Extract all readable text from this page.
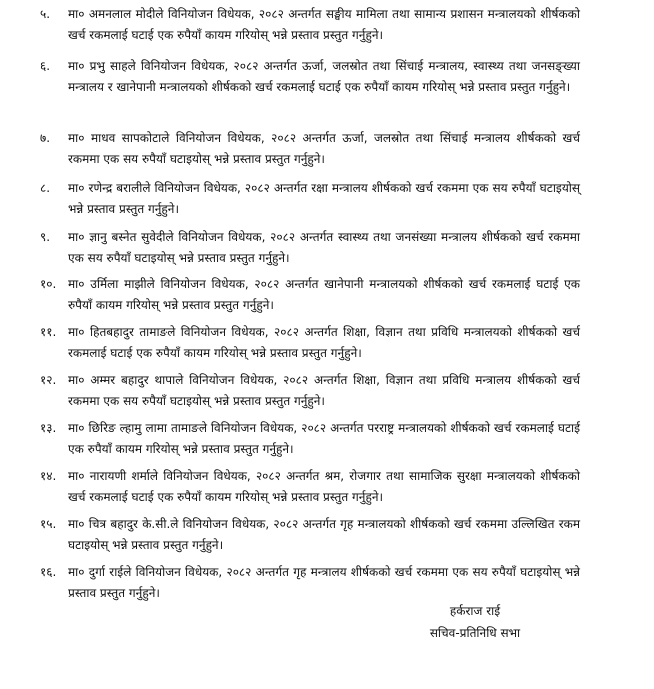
५.	मा० अमनलाल मोदीले विनियोजन विधेयक, २०८२ अन्तर्गत सङ्घीय मामिला तथा सामान्य प्रशासन मन्त्रालयको शीर्षकको खर्च रकमलाई घटाई एक रुपैयाँ कायम गरियोस् भन्ने प्रस्ताव प्रस्तुत गर्नुहुने।
६.	मा० प्रभु साहले विनियोजन विधेयक, २०८२ अन्तर्गत ऊर्जा, जलस्रोत तथा सिंचाई मन्त्रालय, स्वास्थ्य तथा जनसङ्ख्या मन्त्रालय र खानेपानी मन्त्रालयको शीर्षकको खर्च रकमलाई घटाई एक रुपैयाँ कायम गरियोस् भन्ने प्रस्ताव प्रस्तुत गर्नुहुने।
७.	मा० माधव सापकोटाले विनियोजन विधेयक, २०८२ अन्तर्गत ऊर्जा, जलस्रोत तथा सिंचाई मन्त्रालय शीर्षकको खर्च रकममा एक सय रुपैयाँ घटाइयोस् भन्ने प्रस्ताव प्रस्तुत गर्नुहुने।
८.	मा० रणेन्द्र बरालीले विनियोजन विधेयक, २०८२ अन्तर्गत रक्षा मन्त्रालय शीर्षकको खर्च रकममा एक सय रुपैयाँ घटाइयोस् भन्ने प्रस्ताव प्रस्तुत गर्नुहुने।
९.	मा० ज्ञानु बस्नेत सुवेदीले विनियोजन विधेयक, २०८२ अन्तर्गत स्वास्थ्य तथा जनसंख्या मन्त्रालय शीर्षकको खर्च रकममा एक सय रुपैयाँ घटाइयोस् भन्ने प्रस्ताव प्रस्तुत गर्नुहुने।
१०. मा० उर्मिला माझीले विनियोजन विधेयक, २०८२ अन्तर्गत खानेपानी मन्त्रालयको शीर्षकको खर्च रकमलाई घटाई एक रुपैयाँ कायम गरियोस् भन्ने प्रस्ताव प्रस्तुत गर्नुहुने।
११. मा० हितबहादुर तामाङले विनियोजन विधेयक, २०८२ अन्तर्गत शिक्षा, विज्ञान तथा प्रविधि मन्त्रालयको शीर्षकको खर्च रकमलाई घटाई एक रुपैयाँ कायम गरियोस् भन्ने प्रस्ताव प्रस्तुत गर्नुहुने।
१२. मा० अम्मर बहादुर थापाले विनियोजन विधेयक, २०८२ अन्तर्गत शिक्षा, विज्ञान तथा प्रविधि मन्त्रालय शीर्षकको खर्च रकममा एक सय रुपैयाँ घटाइयोस् भन्ने प्रस्ताव प्रस्तुत गर्नुहुने।
१३. मा० छिरिङ ल्हामु लामा तामाङले विनियोजन विधेयक, २०८२ अन्तर्गत परराष्ट्र मन्त्रालयको शीर्षकको खर्च रकमलाई घटाई एक रुपैयाँ कायम गरियोस् भन्ने प्रस्ताव प्रस्तुत गर्नुहुने।
१४. मा० नारायणी शर्माले विनियोजन विधेयक, २०८२ अन्तर्गत श्रम, रोजगार तथा सामाजिक सुरक्षा मन्त्रालयको शीर्षकको खर्च रकमलाई घटाई एक रुपैयाँ कायम गरियोस् भन्ने प्रस्ताव प्रस्तुत गर्नुहुने।
१५. मा० चित्र बहादुर के.सी.ले विनियोजन विधेयक, २०८२ अन्तर्गत गृह मन्त्रालयको शीर्षकको खर्च रकममा उल्लिखित रकम घटाइयोस् भन्ने प्रस्ताव प्रस्तुत गर्नुहुने।
१६. मा० दुर्गा राईले विनियोजन विधेयक, २०८२ अन्तर्गत गृह मन्त्रालय शीर्षकको खर्च रकममा एक सय रुपैयाँ घटाइयोस् भन्ने प्रस्ताव प्रस्तुत गर्नुहुने।
हर्कराज राई
सचिव-प्रतिनिधि सभा
